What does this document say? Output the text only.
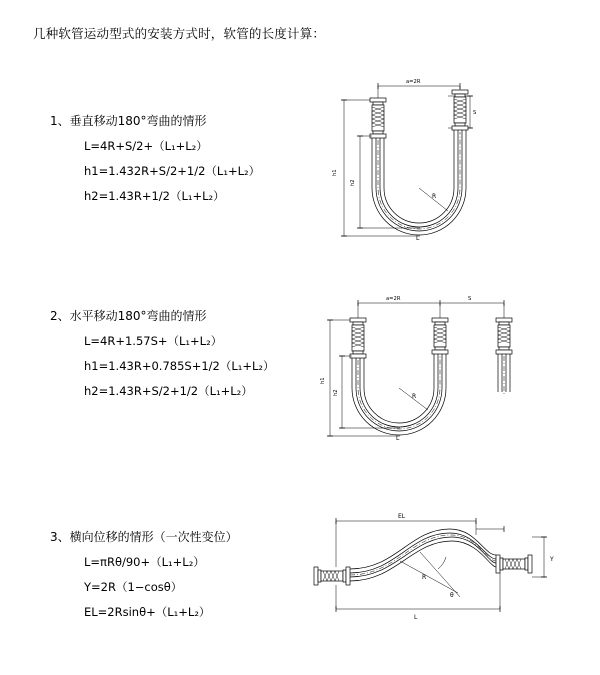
几种软管运动型式的安装方式时，软管的长度计算：
1、垂直移动180°弯曲的情形
L=4R+S/2+（L₁+L₂）
h1=1.432R+S/2+1/2（L₁+L₂）
h2=1.43R+1/2（L₁+L₂）
a=2R
S
R
h1
h2
L
2、水平移动180°弯曲的情形
L=4R+1.57S+（L₁+L₂）
h1=1.43R+0.785S+1/2（L₁+L₂）
h2=1.43R+S/2+1/2（L₁+L₂）
a=2R	S
R
h1
h2
L
3、横向位移的情形（一次性变位）
L=πRθ/90+（L₁+L₂）
Y=2R（1−cosθ）
EL=2Rsinθ+（L₁+L₂）
EL
θ
R
Y
L
